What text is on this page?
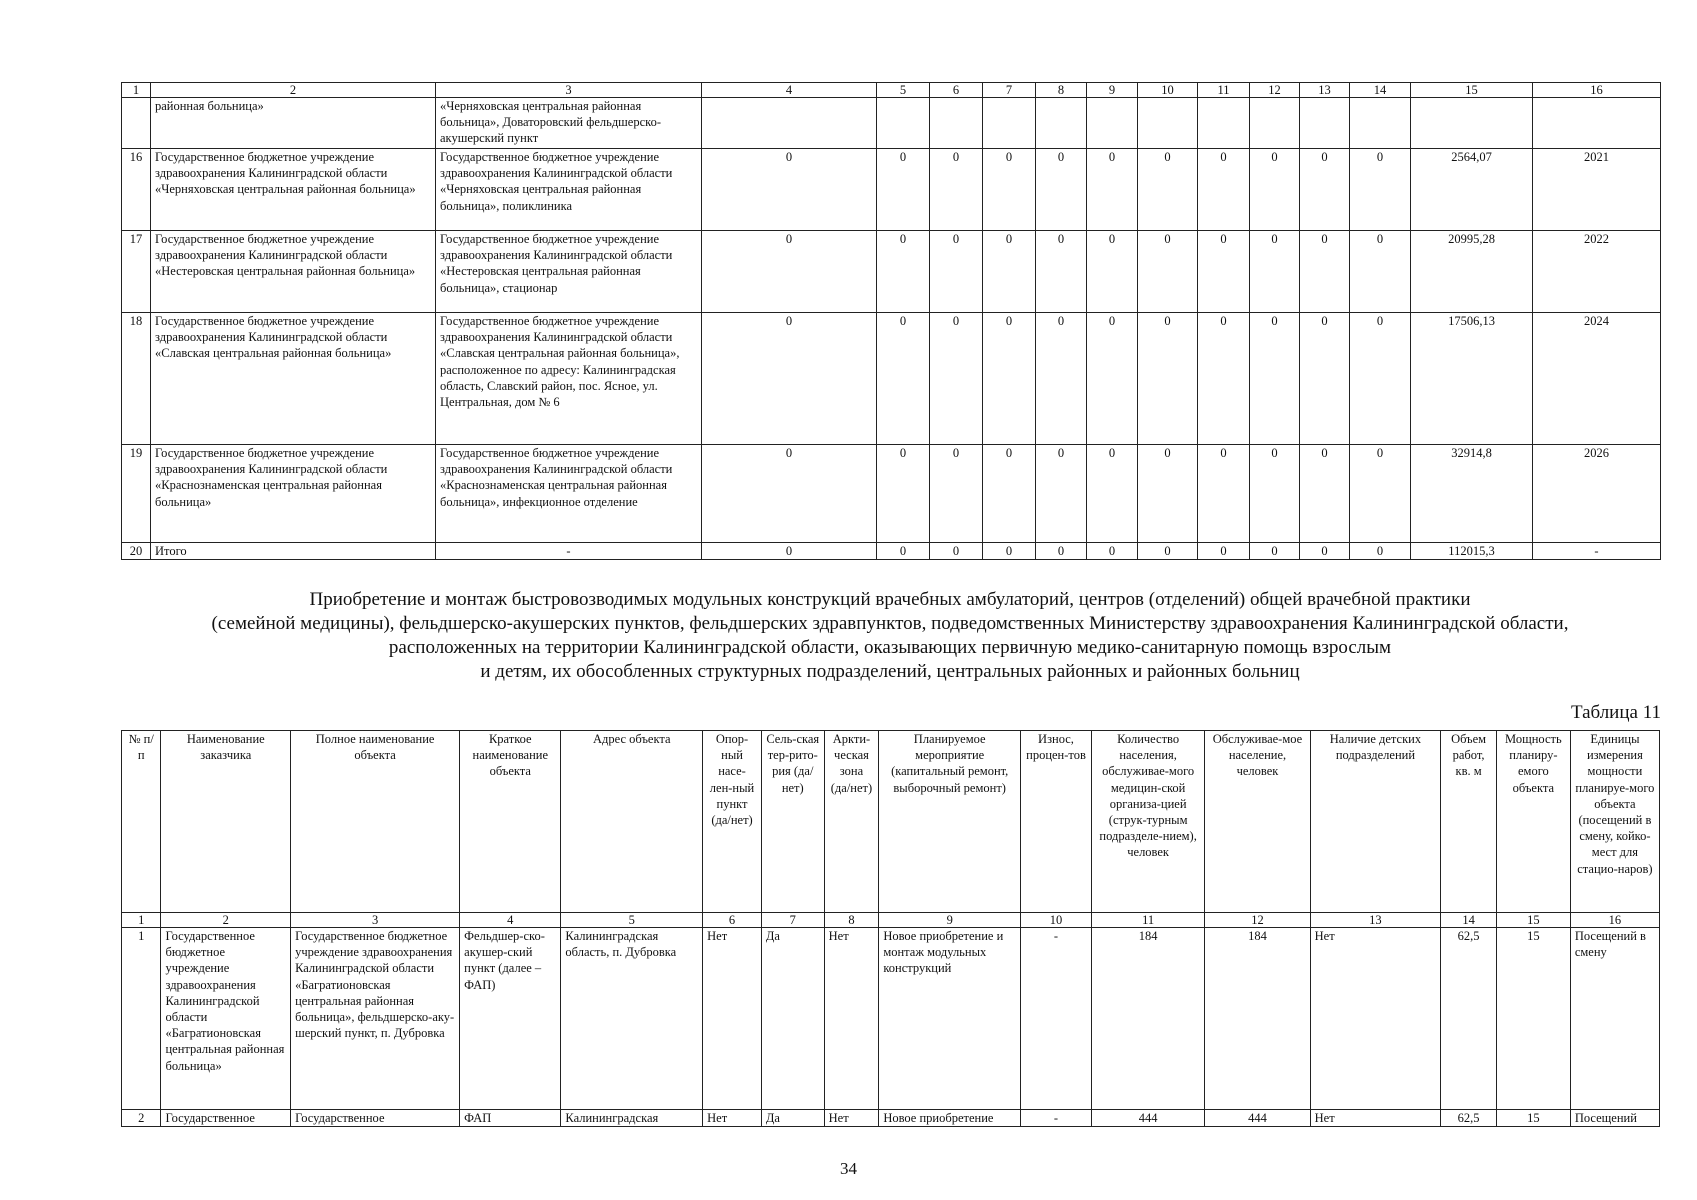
1	2	3	4	5	6	7	8	9	10	11	12	13	14	15	16
	районная больница»	«Черняховская центральная районная больница», Доваторовский фельдшерско-акушерский пункт													
16	Государственное бюджетное учреждение здравоохранения Калининградской области «Черняховская центральная районная больница»	Государственное бюджетное учреждение здравоохранения Калининградской области «Черняховская центральная районная больница», поликлиника	0	0	0	0	0	0	0	0	0	0	0	2564,07	2021
17	Государственное бюджетное учреждение здравоохранения Калининградской области «Нестеровская центральная районная больница»	Государственное бюджетное учреждение здравоохранения Калининградской области «Нестеровская центральная районная больница», стационар	0	0	0	0	0	0	0	0	0	0	0	20995,28	2022
18	Государственное бюджетное учреждение здравоохранения Калининградской области «Славская центральная районная больница»	Государственное бюджетное учреждение здравоохранения Калининградской области «Славская центральная районная больница», расположенное по адресу: Калининградская область, Славский район, пос. Ясное, ул. Центральная, дом № 6	0	0	0	0	0	0	0	0	0	0	0	17506,13	2024
19	Государственное бюджетное учреждение здравоохранения Калининградской области «Краснознаменская центральная районная больница»	Государственное бюджетное учреждение здравоохранения Калининградской области «Краснознаменская центральная районная больница», инфекционное отделение	0	0	0	0	0	0	0	0	0	0	0	32914,8	2026
20	Итого	-	0	0	0	0	0	0	0	0	0	0	0	112015,3	-
Приобретение и монтаж быстровозводимых модульных конструкций врачебных амбулаторий, центров (отделений) общей врачебной практики
(семейной медицины), фельдшерско-акушерских пунктов, фельдшерских здравпунктов, подведомственных Министерству здравоохранения Калининградской области,
расположенных на территории Калининградской области, оказывающих первичную медико-санитарную помощь взрослым
и детям, их обособленных структурных подразделений, центральных районных и районных больниц
Таблица 11
№ п/п	Наименование заказчика	Полное наименование объекта	Краткое наименование объекта	Адрес объекта	Опор-ный насе-лен-ный пункт (да/нет)	Сель-ская тер-рито-рия (да/нет)	Аркти-ческая зона (да/нет)	Планируемое мероприятие (капитальный ремонт, выборочный ремонт)	Износ, процен-тов	Количество населения, обслуживае-мого медицин-ской организа-цией (струк-турным подразделе-нием), человек	Обслуживае-мое население, человек	Наличие детских подразделений	Объем работ, кв. м	Мощность планиру-емого объекта	Единицы измерения мощности планируе-мого объекта (посещений в смену, койко-мест для стацио-наров)
1	2	3	4	5	6	7	8	9	10	11	12	13	14	15	16
1	Государственное бюджетное учреждение здравоохранения Калининградской области «Багратионовская центральная районная больница»	Государственное бюджетное учреждение здравоохранения Калининградской области «Багратионовская центральная районная больница», фельдшерско-аку-шерский пункт, п. Дубровка	Фельдшер-ско-акушер-ский пункт (далее – ФАП)	Калининградская область, п. Дубровка	Нет	Да	Нет	Новое приобретение и монтаж модульных конструкций	-	184	184	Нет	62,5	15	Посещений в смену
2	Государственное	Государственное	ФАП	Калининградская	Нет	Да	Нет	Новое приобретение	-	444	444	Нет	62,5	15	Посещений
34
